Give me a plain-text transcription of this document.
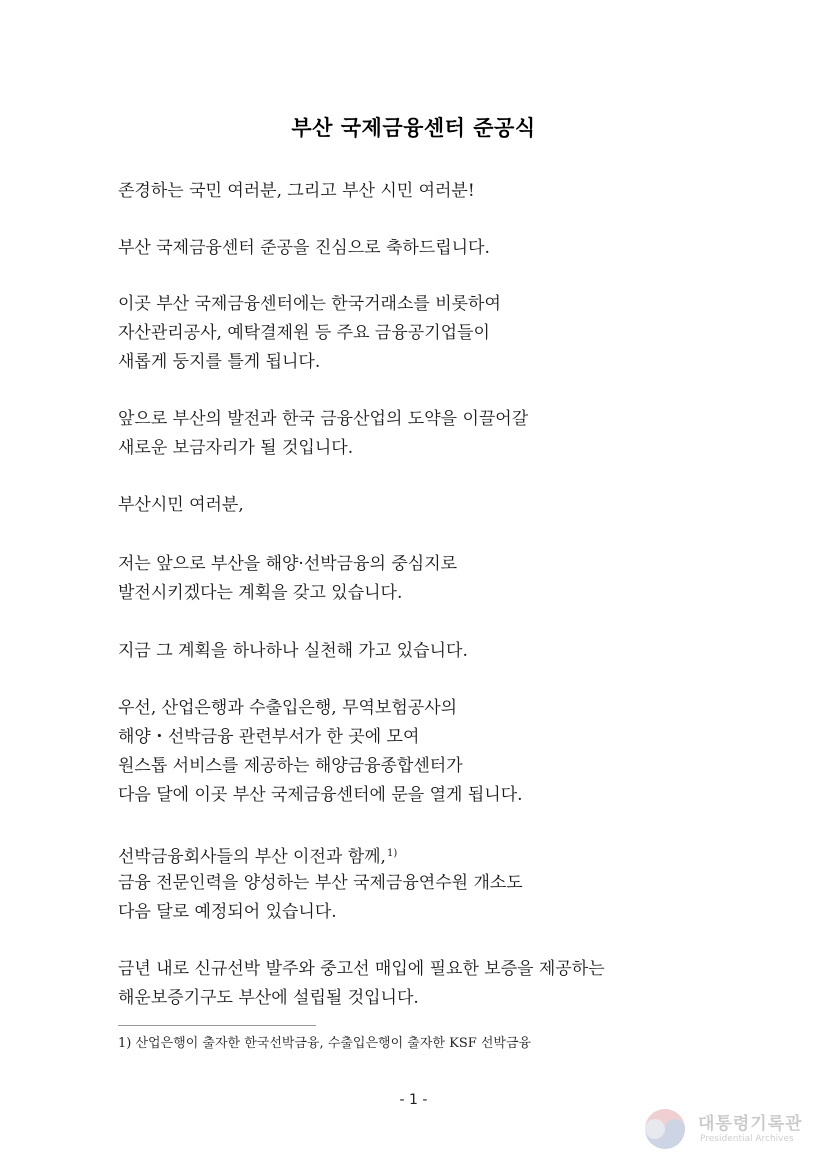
부산 국제금융센터 준공식
존경하는 국민 여러분, 그리고 부산 시민 여러분!
부산 국제금융센터 준공을 진심으로 축하드립니다.
이곳 부산 국제금융센터에는 한국거래소를 비롯하여
자산관리공사, 예탁결제원 등 주요 금융공기업들이
새롭게 둥지를 틀게 됩니다.
앞으로 부산의 발전과 한국 금융산업의 도약을 이끌어갈
새로운 보금자리가 될 것입니다.
부산시민 여러분,
저는 앞으로 부산을 해양·선박금융의 중심지로
발전시키겠다는 계획을 갖고 있습니다.
지금 그 계획을 하나하나 실천해 가고 있습니다.
우선, 산업은행과 수출입은행, 무역보험공사의
해양・선박금융 관련부서가 한 곳에 모여
원스톱 서비스를 제공하는 해양금융종합센터가
다음 달에 이곳 부산 국제금융센터에 문을 열게 됩니다.
선박금융회사들의 부산 이전과 함께,$^{1)}$
금융 전문인력을 양성하는 부산 국제금융연수원 개소도
다음 달로 예정되어 있습니다.
금년 내로 신규선박 발주와 중고선 매입에 필요한 보증을 제공하는
해운보증기구도 부산에 설립될 것입니다.
1) 산업은행이 출자한 한국선박금융, 수출입은행이 출자한 KSF 선박금융
- 1 -
대통령기록관
Presidential Archives
